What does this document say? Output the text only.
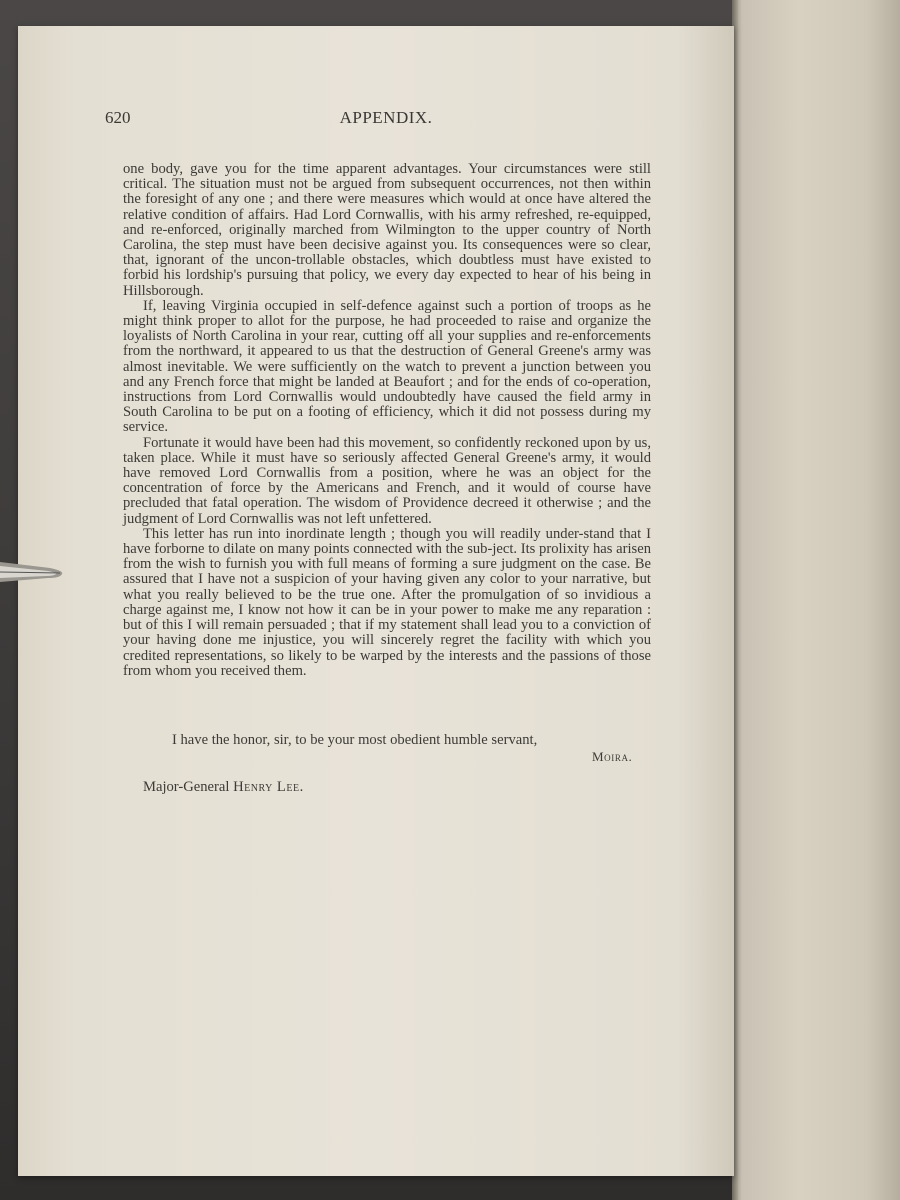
620	APPENDIX.

one body, gave you for the time apparent advantages. Your circumstances were still critical. The situation must not be argued from subsequent occurrences, not then within the foresight of any one ; and there were measures which would at once have altered the relative condition of affairs. Had Lord Cornwallis, with his army refreshed, re-equipped, and re-enforced, originally marched from Wilmington to the upper country of North Carolina, the step must have been decisive against you. Its consequences were so clear, that, ignorant of the uncon-trollable obstacles, which doubtless must have existed to forbid his lordship's pursuing that policy, we every day expected to hear of his being in Hillsborough.

If, leaving Virginia occupied in self-defence against such a portion of troops as he might think proper to allot for the purpose, he had proceeded to raise and organize the loyalists of North Carolina in your rear, cutting off all your supplies and re-enforcements from the northward, it appeared to us that the destruction of General Greene's army was almost inevitable. We were sufficiently on the watch to prevent a junction between you and any French force that might be landed at Beaufort ; and for the ends of co-operation, instructions from Lord Cornwallis would undoubtedly have caused the field army in South Carolina to be put on a footing of efficiency, which it did not possess during my service.

Fortunate it would have been had this movement, so confidently reckoned upon by us, taken place. While it must have so seriously affected General Greene's army, it would have removed Lord Cornwallis from a position, where he was an object for the concentration of force by the Americans and French, and it would of course have precluded that fatal operation. The wisdom of Providence decreed it otherwise ; and the judgment of Lord Cornwallis was not left unfettered.

This letter has run into inordinate length ; though you will readily under-stand that I have forborne to dilate on many points connected with the sub-ject. Its prolixity has arisen from the wish to furnish you with full means of forming a sure judgment on the case. Be assured that I have not a suspicion of your having given any color to your narrative, but what you really believed to be the true one. After the promulgation of so invidious a charge against me, I know not how it can be in your power to make me any reparation : but of this I will remain persuaded ; that if my statement shall lead you to a conviction of your having done me injustice, you will sincerely regret the facility with which you credited representations, so likely to be warped by the interests and the passions of those from whom you received them.

I have the honor, sir, to be your most obedient humble servant,
Moira.
Major-General Henry Lee.
